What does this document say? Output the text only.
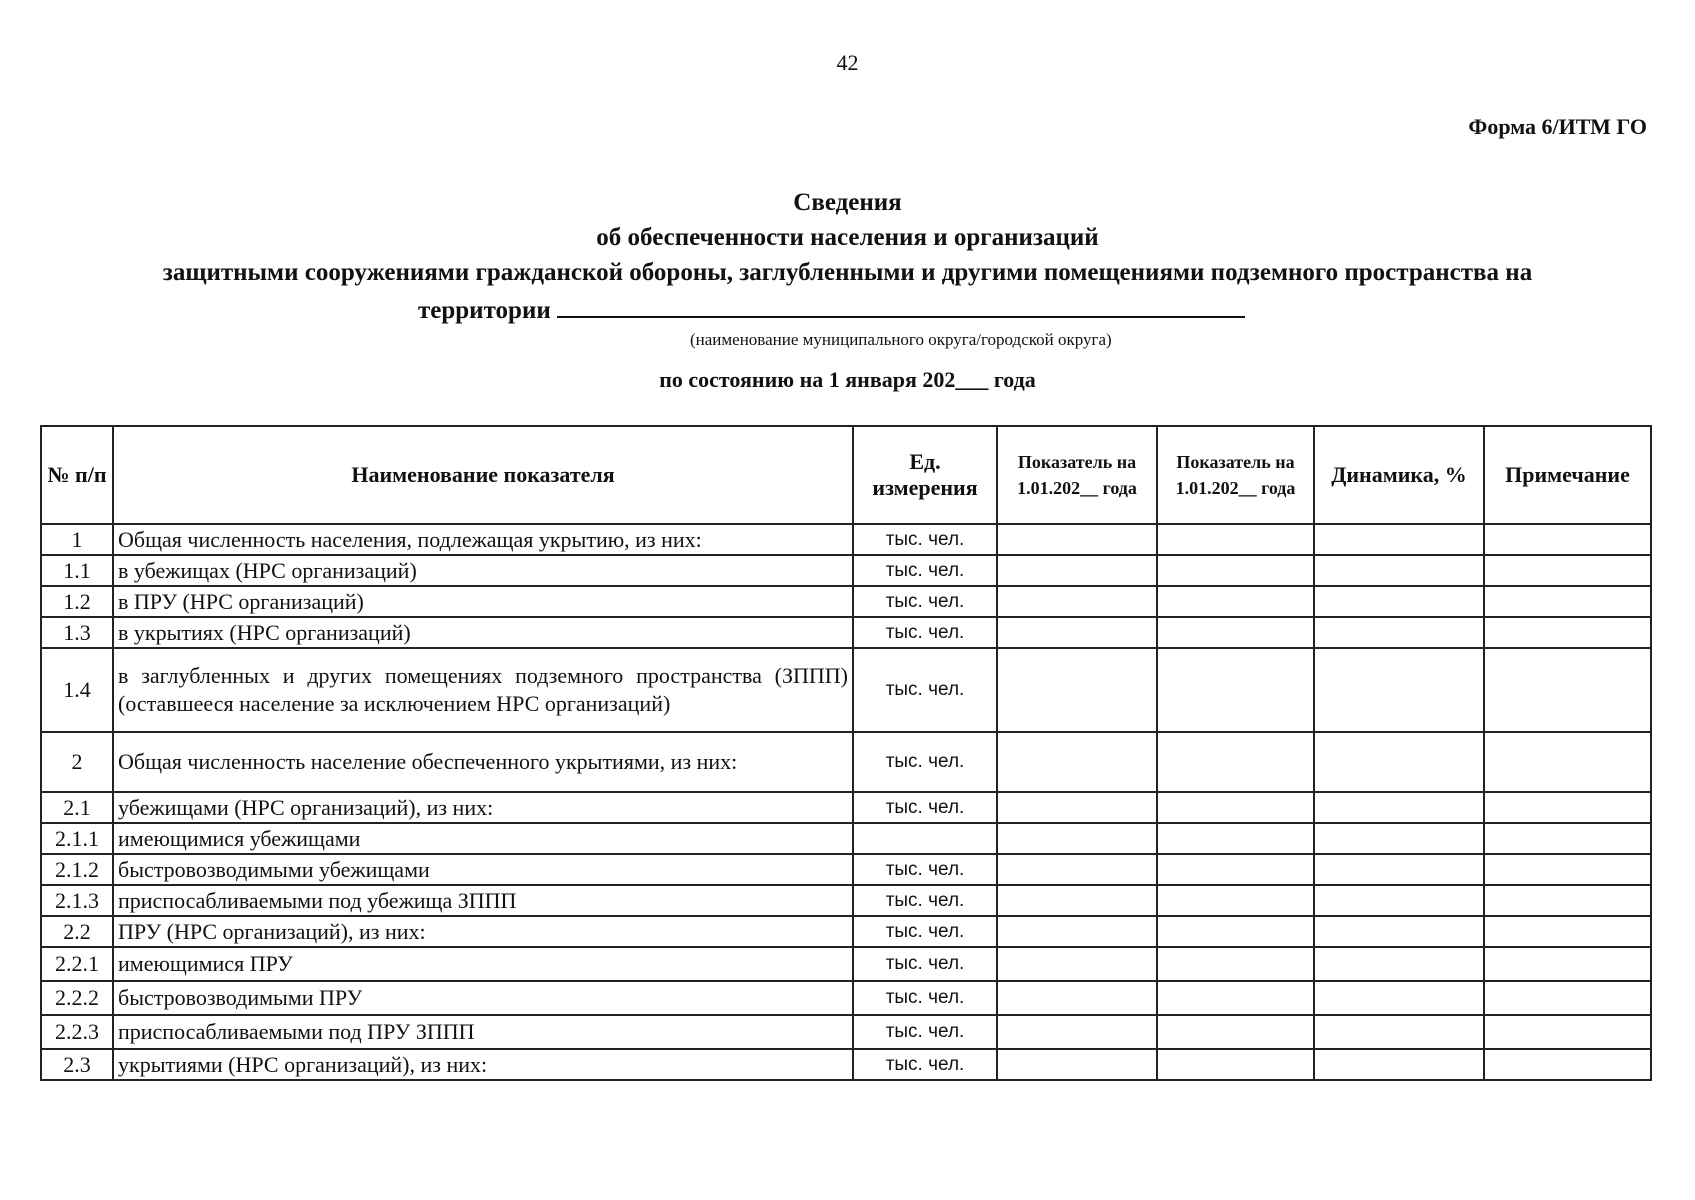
42
Форма 6/ИТМ ГО
Сведения
об обеспеченности населения и организаций
защитными сооружениями гражданской обороны, заглубленными и другими помещениями подземного пространства на
территории
(наименование муниципального округа/городской округа)
по состоянию на 1 января 202___ года
№ п/п	Наименование показателя	Ед. измерения	Показатель на 1.01.202__ года	Показатель на 1.01.202__ года	Динамика, %	Примечание
1	Общая численность населения, подлежащая укрытию, из них:	тыс. чел.				
1.1	в убежищах (НРС организаций)	тыс. чел.				
1.2	в ПРУ (НРС организаций)	тыс. чел.				
1.3	в укрытиях (НРС организаций)	тыс. чел.				
1.4	в заглубленных и других помещениях подземного пространства (ЗППП) (оставшееся население за исключением НРС организаций)	тыс. чел.				
2	Общая численность население обеспеченного укрытиями, из них:	тыс. чел.				
2.1	убежищами (НРС организаций), из них:	тыс. чел.				
2.1.1	имеющимися убежищами					
2.1.2	быстровозводимыми убежищами	тыс. чел.				
2.1.3	приспосабливаемыми под убежища ЗППП	тыс. чел.				
2.2	ПРУ (НРС организаций), из них:	тыс. чел.				
2.2.1	имеющимися ПРУ	тыс. чел.				
2.2.2	быстровозводимыми ПРУ	тыс. чел.				
2.2.3	приспосабливаемыми под ПРУ ЗППП	тыс. чел.				
2.3	укрытиями (НРС организаций), из них:	тыс. чел.				
